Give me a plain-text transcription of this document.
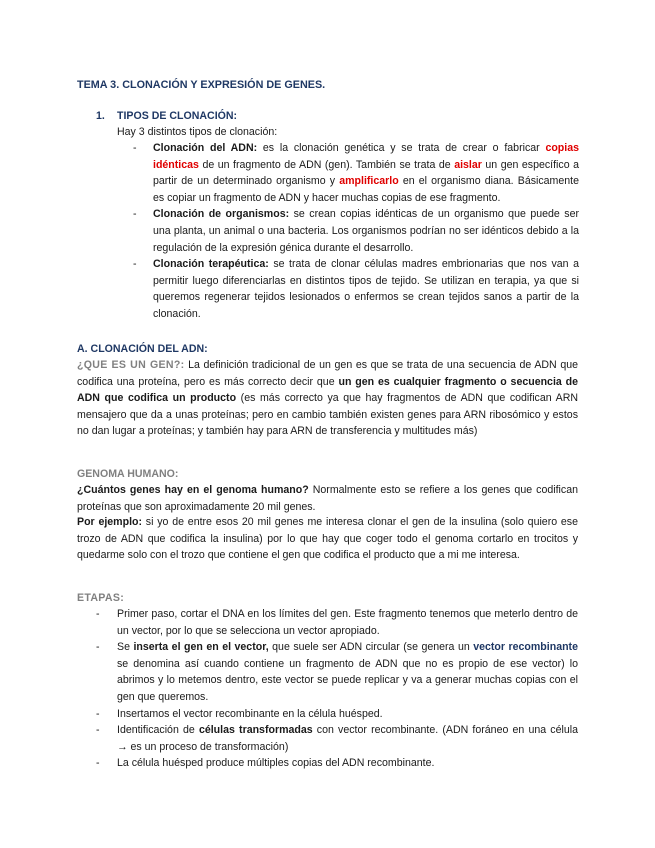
TEMA 3. CLONACIÓN Y EXPRESIÓN DE GENES.
1. TIPOS DE CLONACIÓN:
Hay 3 distintos tipos de clonación:
-	Clonación del ADN: es la clonación genética y se trata de crear o fabricar copias idénticas de un fragmento de ADN (gen). También se trata de aislar un gen específico a partir de un determinado organismo y amplificarlo en el organismo diana. Básicamente es copiar un fragmento de ADN y hacer muchas copias de ese fragmento.
-	Clonación de organismos: se crean copias idénticas de un organismo que puede ser una planta, un animal o una bacteria. Los organismos podrían no ser idénticos debido a la regulación de la expresión génica durante el desarrollo.
-	Clonación terapéutica: se trata de clonar células madres embrionarias que nos van a permitir luego diferenciarlas en distintos tipos de tejido. Se utilizan en terapia, ya que si queremos regenerar tejidos lesionados o enfermos se crean tejidos sanos a partir de la clonación.
A. CLONACIÓN DEL ADN:
¿QUE ES UN GEN?: La definición tradicional de un gen es que se trata de una secuencia de ADN que codifica una proteína, pero es más correcto decir que un gen es cualquier fragmento o secuencia de ADN que codifica un producto (es más correcto ya que hay fragmentos de ADN que codifican ARN mensajero que da a unas proteínas; pero en cambio también existen genes para ARN ribosómico y estos no dan lugar a proteínas; y también hay para ARN de transferencia y multitudes más)
GENOMA HUMANO:
¿Cuántos genes hay en el genoma humano? Normalmente esto se refiere a los genes que codifican proteínas que son aproximadamente 20 mil genes.
Por ejemplo: si yo de entre esos 20 mil genes me interesa clonar el gen de la insulina (solo quiero ese trozo de ADN que codifica la insulina) por lo que hay que coger todo el genoma cortarlo en trocitos y quedarme solo con el trozo que contiene el gen que codifica el producto que a mi me interesa.
ETAPAS:
-	Primer paso, cortar el DNA en los límites del gen. Este fragmento tenemos que meterlo dentro de un vector, por lo que se selecciona un vector apropiado.
-	Se inserta el gen en el vector, que suele ser ADN circular (se genera un vector recombinante se denomina así cuando contiene un fragmento de ADN que no es propio de ese vector) lo abrimos y lo metemos dentro, este vector se puede replicar y va a generar muchas copias con el gen que queremos.
-	Insertamos el vector recombinante en la célula huésped.
-	Identificación de células transformadas con vector recombinante. (ADN foráneo en una célula → es un proceso de transformación)
-	La célula huésped produce múltiples copias del ADN recombinante.
